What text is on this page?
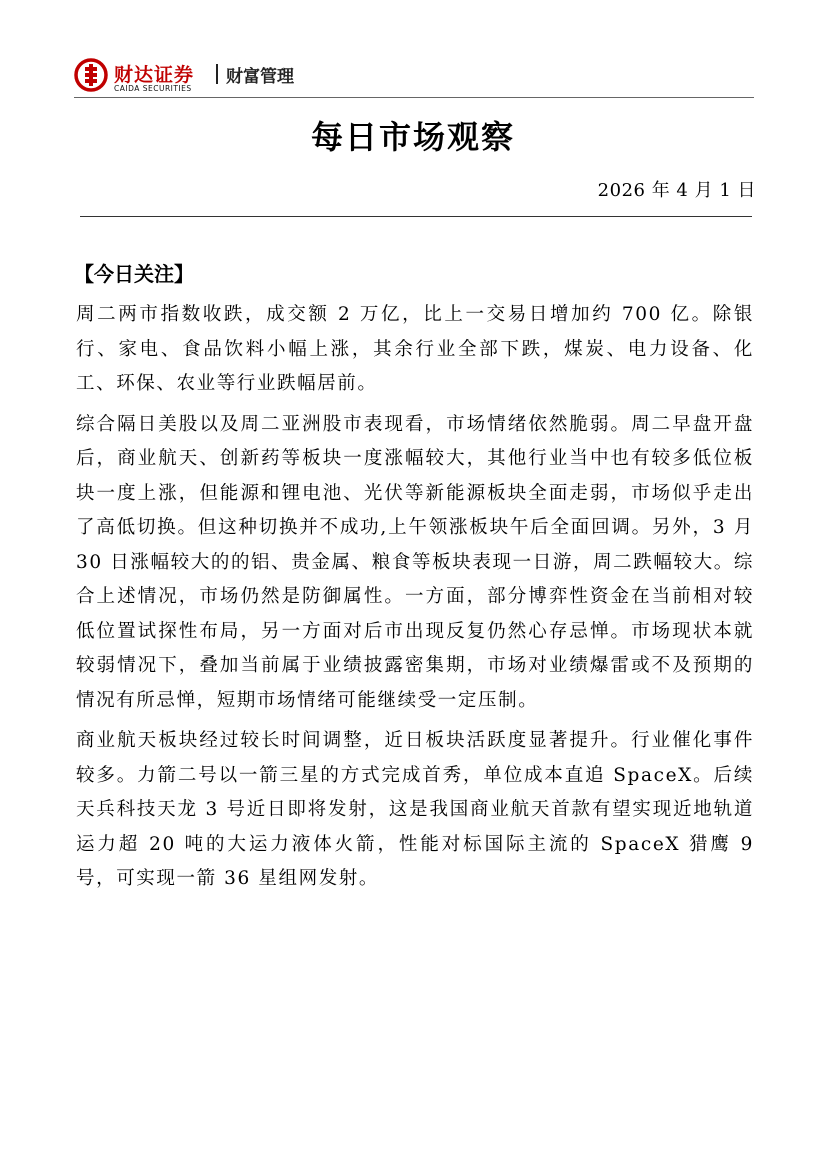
财达证券
CAIDA SECURITIES
财富管理
每日市场观察
2026 年 4 月 1 日
【今日关注】

周二两市指数收跌，成交额 2 万亿，比上一交易日增加约 700 亿。除银行、家电、食品饮料小幅上涨，其余行业全部下跌，煤炭、电力设备、化工、环保、农业等行业跌幅居前。

综合隔日美股以及周二亚洲股市表现看，市场情绪依然脆弱。周二早盘开盘后，商业航天、创新药等板块一度涨幅较大，其他行业当中也有较多低位板块一度上涨，但能源和锂电池、光伏等新能源板块全面走弱，市场似乎走出了高低切换。但这种切换并不成功,上午领涨板块午后全面回调。另外，3 月 30 日涨幅较大的的铝、贵金属、粮食等板块表现一日游，周二跌幅较大。综合上述情况，市场仍然是防御属性。一方面，部分博弈性资金在当前相对较低位置试探性布局，另一方面对后市出现反复仍然心存忌惮。市场现状本就较弱情况下，叠加当前属于业绩披露密集期，市场对业绩爆雷或不及预期的情况有所忌惮，短期市场情绪可能继续受一定压制。

商业航天板块经过较长时间调整，近日板块活跃度显著提升。行业催化事件较多。力箭二号以一箭三星的方式完成首秀，单位成本直追 SpaceX。后续天兵科技天龙 3 号近日即将发射，这是我国商业航天首款有望实现近地轨道运力超 20 吨的大运力液体火箭，性能对标国际主流的 SpaceX 猎鹰 9 号，可实现一箭 36 星组网发射。
